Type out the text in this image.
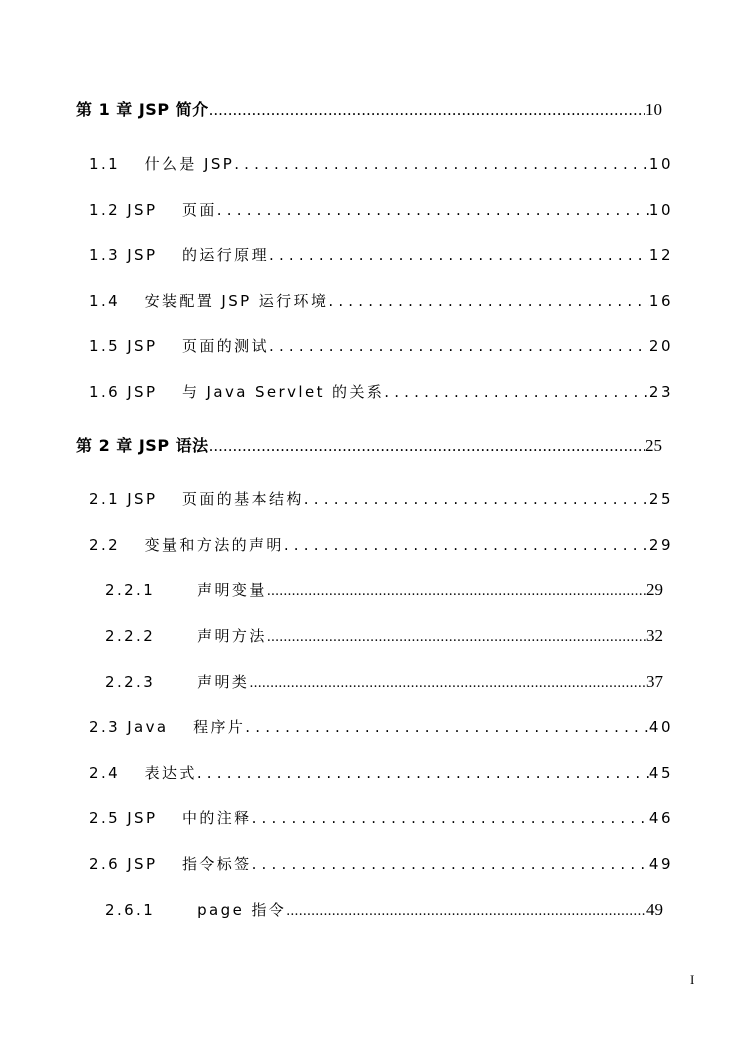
第 1 章 JSP 简介 .....	10
1.1　 什么是 JSP .....	10
1.2 JSP　 页面 .....	10
1.3 JSP　 的运行原理 .....	12
1.4　 安装配置 JSP 运行环境 .....	16
1.5 JSP　 页面的测试 .....	20
1.6 JSP　 与 Java Servlet 的关系 .....	23
第 2 章 JSP 语法 .....	25
2.1 JSP　 页面的基本结构 .....	25
2.2　 变量和方法的声明 .....	29
2.2.1　　 声明变量 .....	29
2.2.2　　 声明方法 .....	32
2.2.3　　 声明类 .....	37
2.3 Java　 程序片 .....	40
2.4　 表达式 .....	45
2.5 JSP　 中的注释 .....	46
2.6 JSP　 指令标签 .....	49
2.6.1　　 page 指令 .....	49
I
